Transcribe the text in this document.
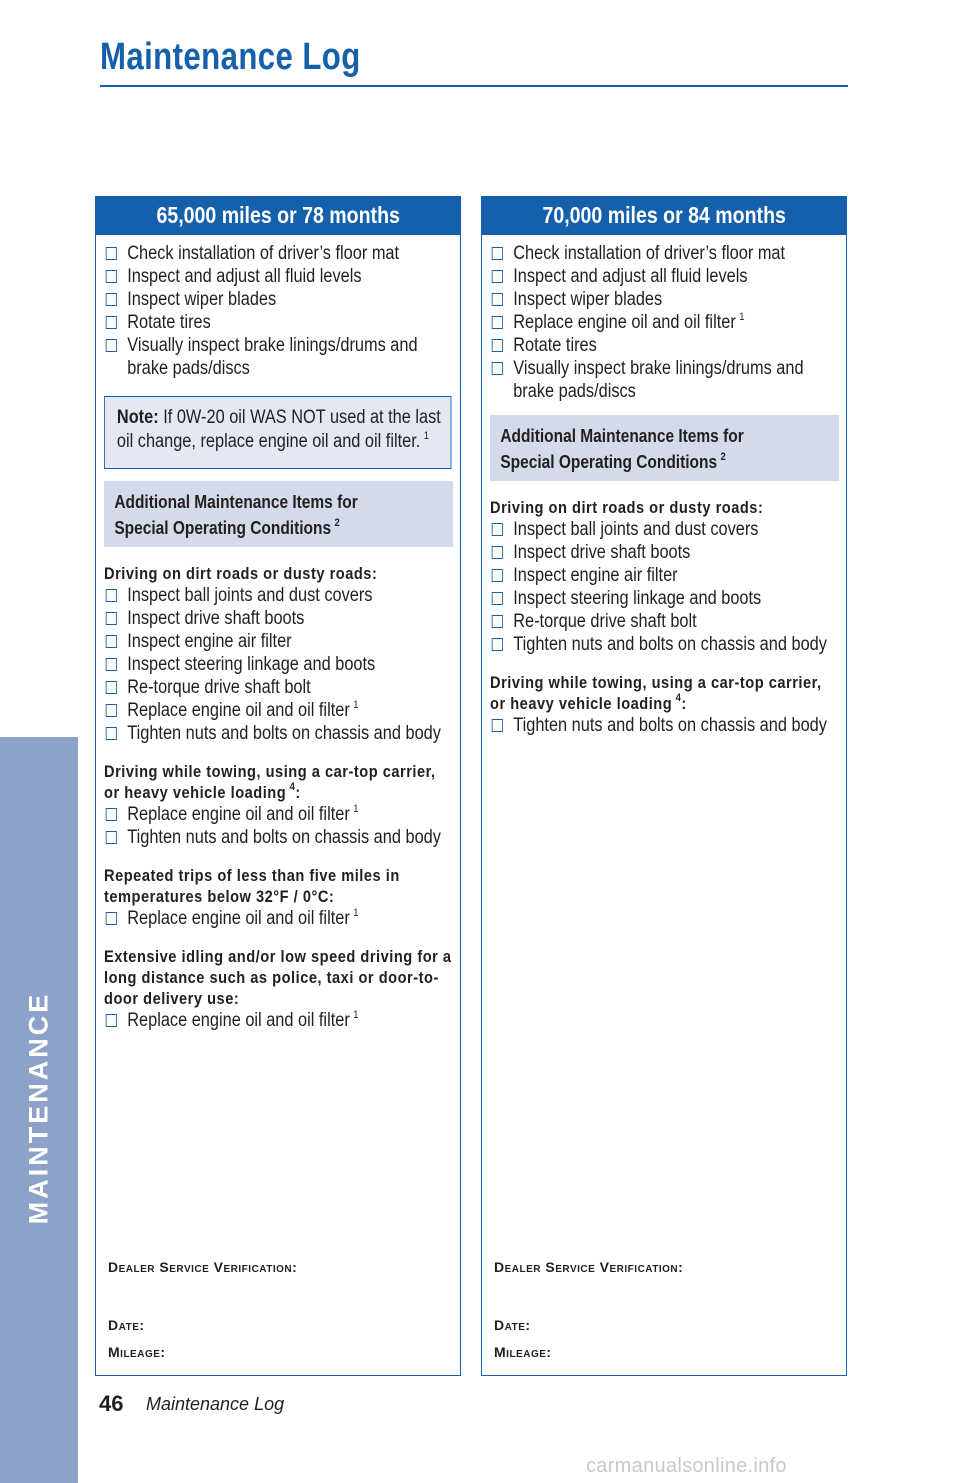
Maintenance Log
MAINTENANCE
65,000 miles or 78 months
Check installation of driver’s floor mat
Inspect and adjust all fluid levels
Inspect wiper blades
Rotate tires
Visually inspect brake linings/drums and brake pads/discs
Note: If 0W-20 oil WAS NOT used at the last oil change, replace engine oil and oil filter. $^1$
Additional Maintenance Items for
Special Operating Conditions $^2$
Driving on dirt roads or dusty roads:
Inspect ball joints and dust covers
Inspect drive shaft boots
Inspect engine air filter
Inspect steering linkage and boots
Re-torque drive shaft bolt
Replace engine oil and oil filter $^1$
Tighten nuts and bolts on chassis and body
Driving while towing, using a car-top carrier, or heavy vehicle loading $^4$:
Replace engine oil and oil filter $^1$
Tighten nuts and bolts on chassis and body
Repeated trips of less than five miles in temperatures below 32°F / 0°C:
Replace engine oil and oil filter $^1$
Extensive idling and/or low speed driving for a long distance such as police, taxi or door-to-door delivery use:
Replace engine oil and oil filter $^1$
Dealer Service Verification:
Date:
Mileage:
70,000 miles or 84 months
Check installation of driver’s floor mat
Inspect and adjust all fluid levels
Inspect wiper blades
Replace engine oil and oil filter $^1$
Rotate tires
Visually inspect brake linings/drums and brake pads/discs
Additional Maintenance Items for
Special Operating Conditions $^2$
Driving on dirt roads or dusty roads:
Inspect ball joints and dust covers
Inspect drive shaft boots
Inspect engine air filter
Inspect steering linkage and boots
Re-torque drive shaft bolt
Tighten nuts and bolts on chassis and body
Driving while towing, using a car-top carrier, or heavy vehicle loading $^4$:
Tighten nuts and bolts on chassis and body
Dealer Service Verification:
Date:
Mileage:
46 Maintenance Log
carmanualsonline.info
